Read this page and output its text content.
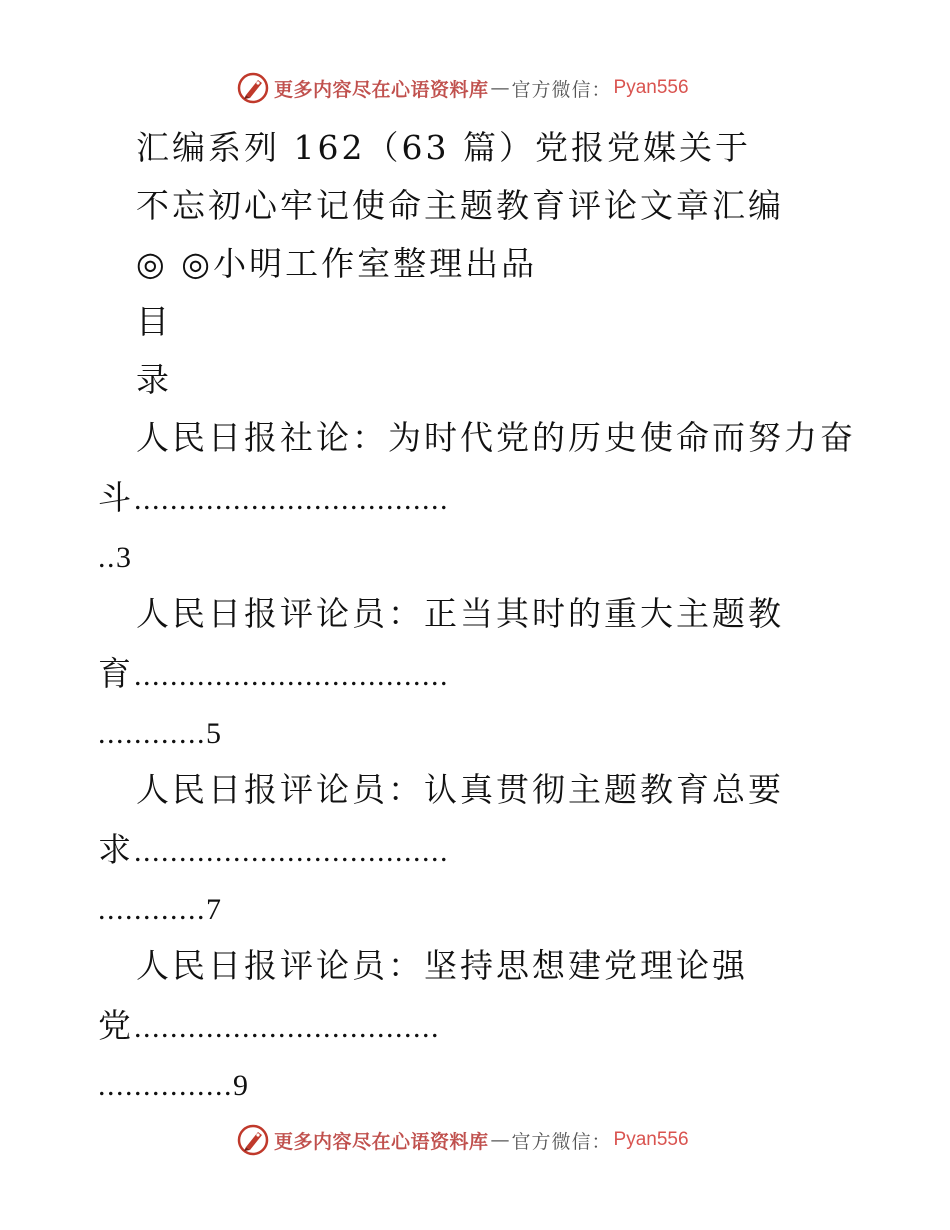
更多内容尽在心语资料库 — 官方微信： Pyan556
汇编系列 162（63 篇）党报党媒关于
不忘初心牢记使命主题教育评论文章汇编
◎ ◎小明工作室整理出品
目
录
人民日报社论：为时代党的历史使命而努力奋
斗...................................
..3
人民日报评论员：正当其时的重大主题教
育...................................
............5
人民日报评论员：认真贯彻主题教育总要
求...................................
............7
人民日报评论员：坚持思想建党理论强
党..................................
...............9
更多内容尽在心语资料库 — 官方微信： Pyan556
